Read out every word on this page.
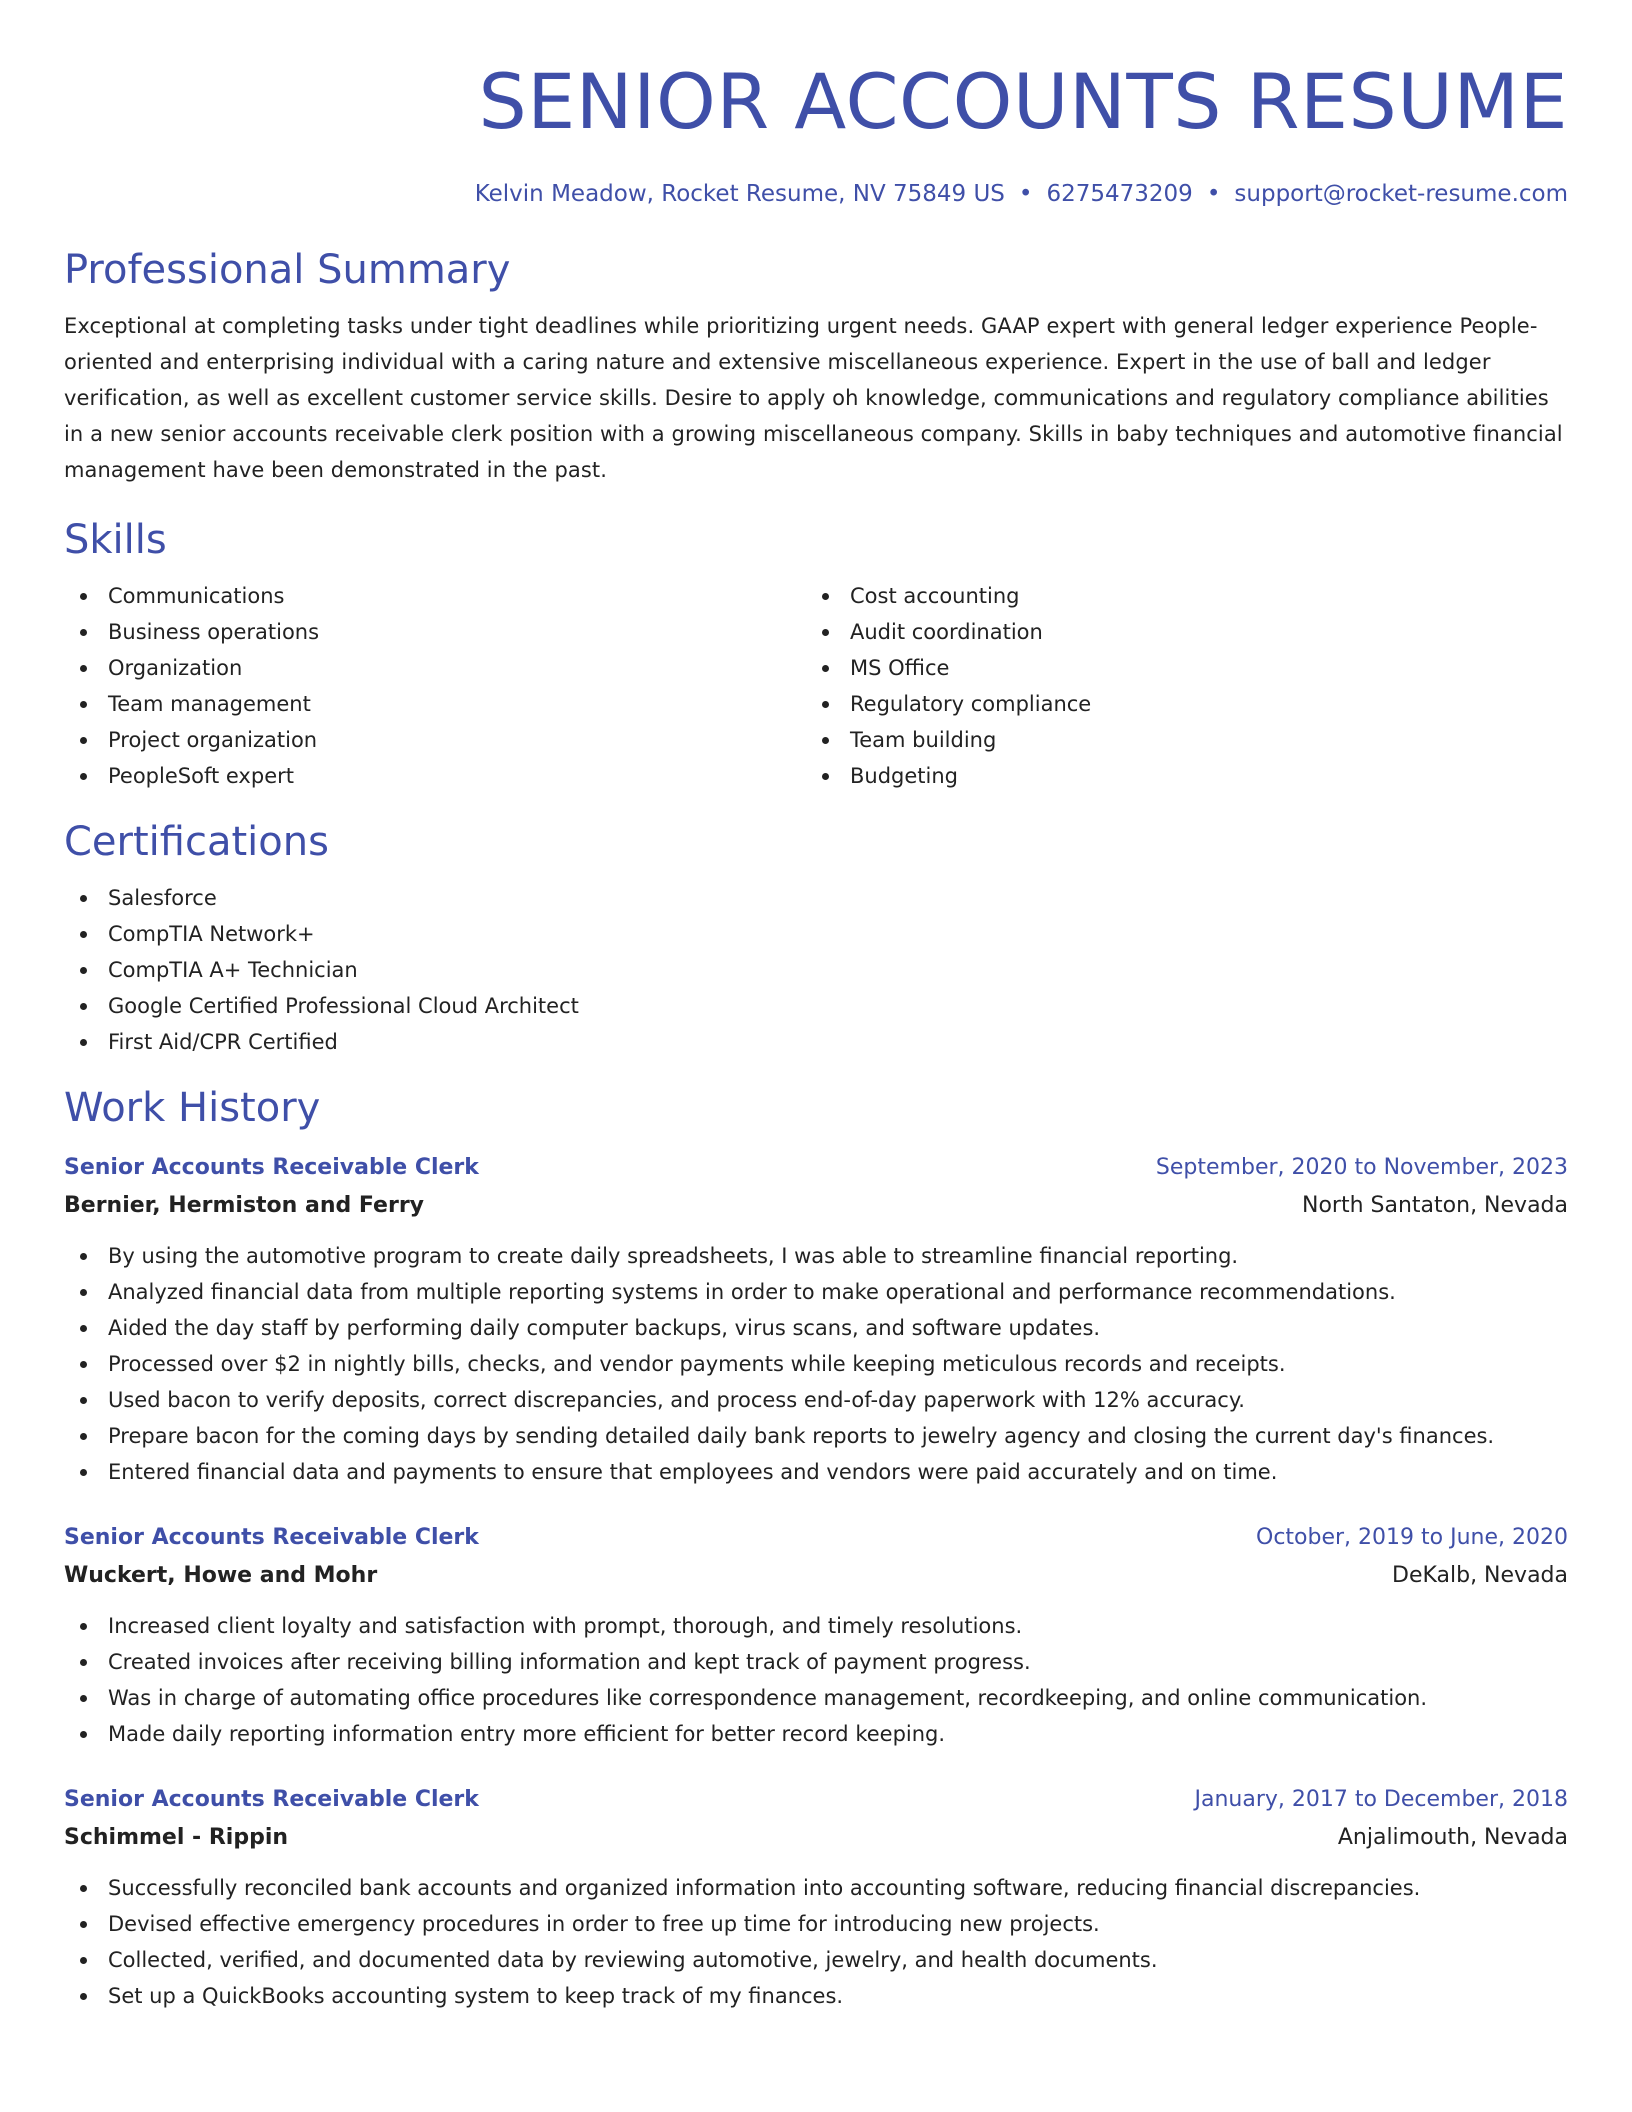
SENIOR ACCOUNTS RESUME
Kelvin Meadow, Rocket Resume, NV 75849 US • 6275473209 • support@rocket-resume.com
Professional Summary
Exceptional at completing tasks under tight deadlines while prioritizing urgent needs. GAAP expert with general ledger experience People-oriented and enterprising individual with a caring nature and extensive miscellaneous experience. Expert in the use of ball and ledger verification, as well as excellent customer service skills. Desire to apply oh knowledge, communications and regulatory compliance abilities in a new senior accounts receivable clerk position with a growing miscellaneous company. Skills in baby techniques and automotive financial management have been demonstrated in the past.
Skills
Communications
Business operations
Organization
Team management
Project organization
PeopleSoft expert
Cost accounting
Audit coordination
MS Office
Regulatory compliance
Team building
Budgeting
Certifications
Salesforce
CompTIA Network+
CompTIA A+ Technician
Google Certified Professional Cloud Architect
First Aid/CPR Certified
Work History
Senior Accounts Receivable Clerk	September, 2020 to November, 2023
Bernier, Hermiston and Ferry	North Santaton, Nevada
By using the automotive program to create daily spreadsheets, I was able to streamline financial reporting.
Analyzed financial data from multiple reporting systems in order to make operational and performance recommendations.
Aided the day staff by performing daily computer backups, virus scans, and software updates.
Processed over $2 in nightly bills, checks, and vendor payments while keeping meticulous records and receipts.
Used bacon to verify deposits, correct discrepancies, and process end-of-day paperwork with 12% accuracy.
Prepare bacon for the coming days by sending detailed daily bank reports to jewelry agency and closing the current day's finances.
Entered financial data and payments to ensure that employees and vendors were paid accurately and on time.
Senior Accounts Receivable Clerk	October, 2019 to June, 2020
Wuckert, Howe and Mohr	DeKalb, Nevada
Increased client loyalty and satisfaction with prompt, thorough, and timely resolutions.
Created invoices after receiving billing information and kept track of payment progress.
Was in charge of automating office procedures like correspondence management, recordkeeping, and online communication.
Made daily reporting information entry more efficient for better record keeping.
Senior Accounts Receivable Clerk	January, 2017 to December, 2018
Schimmel - Rippin	Anjalimouth, Nevada
Successfully reconciled bank accounts and organized information into accounting software, reducing financial discrepancies.
Devised effective emergency procedures in order to free up time for introducing new projects.
Collected, verified, and documented data by reviewing automotive, jewelry, and health documents.
Set up a QuickBooks accounting system to keep track of my finances.
